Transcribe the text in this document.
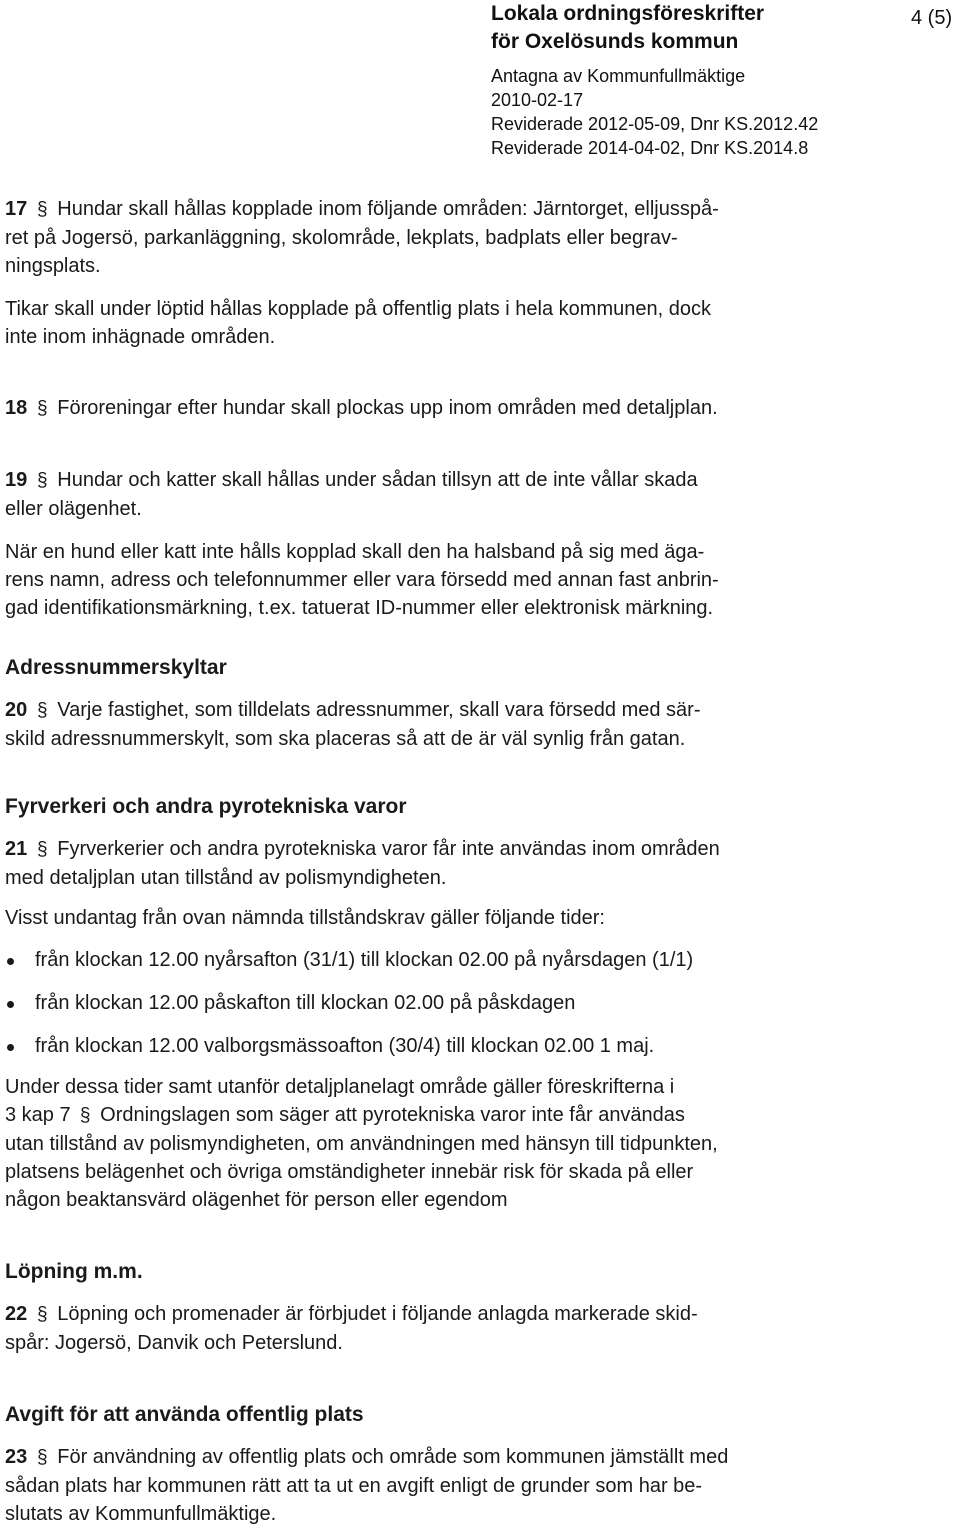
Lokala ordningsföreskrifter

för Oxelösunds kommun

Antagna av Kommunfullmäktige

2010-02-17

Reviderade 2012-05-09, Dnr KS.2012.42

Reviderade 2014-04-02, Dnr KS.2014.8

4 (5)

17 § Hundar skall hållas kopplade inom följande områden: Järntorget, elljusspå-

ret på Jogersö, parkanläggning, skolområde, lekplats, badplats eller begrav-

ningsplats.

Tikar skall under löptid hållas kopplade på offentlig plats i hela kommunen, dock

inte inom inhägnade områden.

18 § Föroreningar efter hundar skall plockas upp inom områden med detaljplan.

19 § Hundar och katter skall hållas under sådan tillsyn att de inte vållar skada

eller olägenhet.

När en hund eller katt inte hålls kopplad skall den ha halsband på sig med äga-

rens namn, adress och telefonnummer eller vara försedd med annan fast anbrin-

gad identifikationsmärkning, t.ex. tatuerat ID-nummer eller elektronisk märkning.

Adressnummerskyltar

20 § Varje fastighet, som tilldelats adressnummer, skall vara försedd med sär-

skild adressnummerskylt, som ska placeras så att de är väl synlig från gatan.

Fyrverkeri och andra pyrotekniska varor

21 § Fyrverkerier och andra pyrotekniska varor får inte användas inom områden

med detaljplan utan tillstånd av polismyndigheten.

Visst undantag från ovan nämnda tillståndskrav gäller följande tider:

från klockan 12.00 nyårsafton (31/1) till klockan 02.00 på nyårsdagen (1/1)
från klockan 12.00 påskafton till klockan 02.00 på påskdagen
från klockan 12.00 valborgsmässoafton (30/4) till klockan 02.00 1 maj.

Under dessa tider samt utanför detaljplanelagt område gäller föreskrifterna i

3 kap 7 § Ordningslagen som säger att pyrotekniska varor inte får användas

utan tillstånd av polismyndigheten, om användningen med hänsyn till tidpunkten,

platsens belägenhet och övriga omständigheter innebär risk för skada på eller

någon beaktansvärd olägenhet för person eller egendom

Löpning m.m.

22 § Löpning och promenader är förbjudet i följande anlagda markerade skid-

spår: Jogersö, Danvik och Peterslund.

Avgift för att använda offentlig plats

23 § För användning av offentlig plats och område som kommunen jämställt med

sådan plats har kommunen rätt att ta ut en avgift enligt de grunder som har be-

slutats av Kommunfullmäktige.
